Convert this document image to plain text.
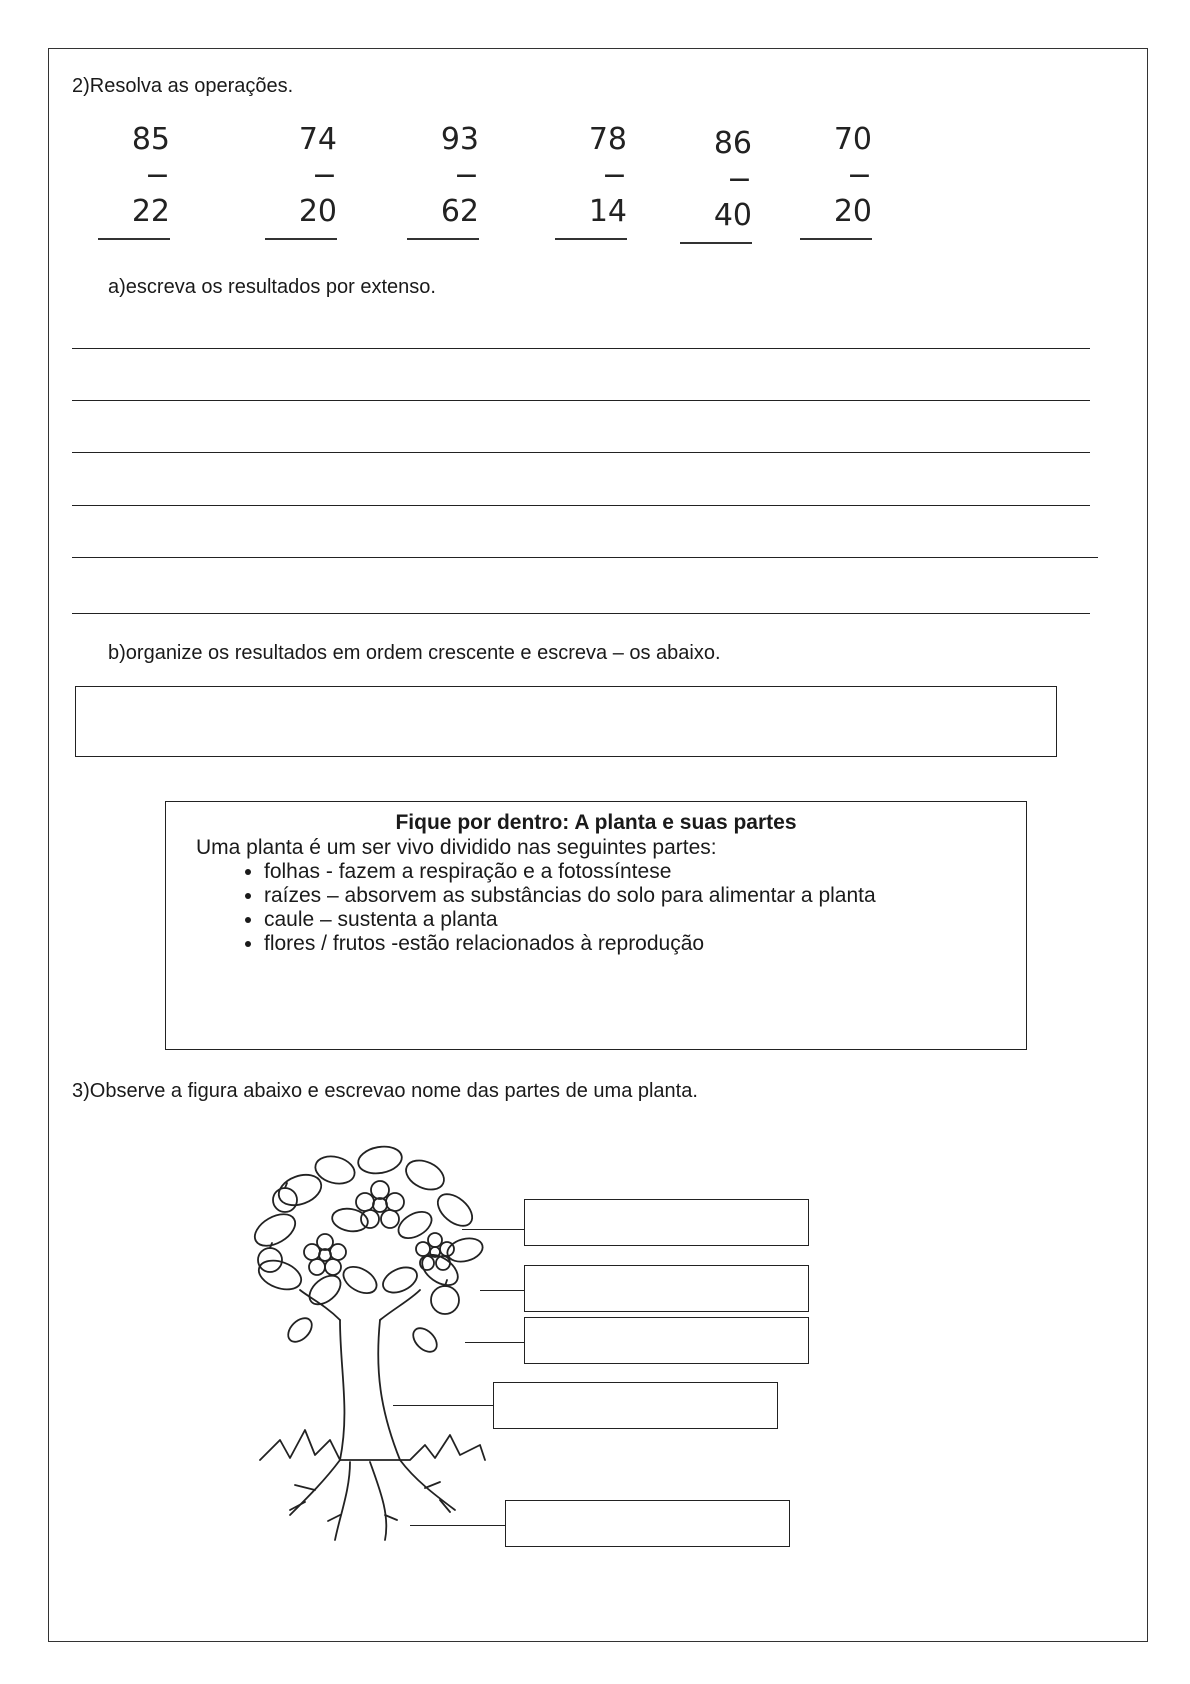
2)Resolva as operações.
85
− 22
74
− 20
93
− 62
78
− 14
86
− 40
70
− 20
a)escreva os resultados por extenso.
b)organize os resultados em ordem crescente e escreva – os abaixo.
Fique por dentro: A planta e suas partes
Uma planta é um ser vivo dividido nas seguintes partes:
• folhas - fazem a respiração e a fotossíntese
• raízes – absorvem as substâncias do solo para alimentar a planta
• caule – sustenta a planta
• flores / frutos -estão relacionados à reprodução
3)Observe a figura abaixo e escrevao nome das partes de uma planta.
